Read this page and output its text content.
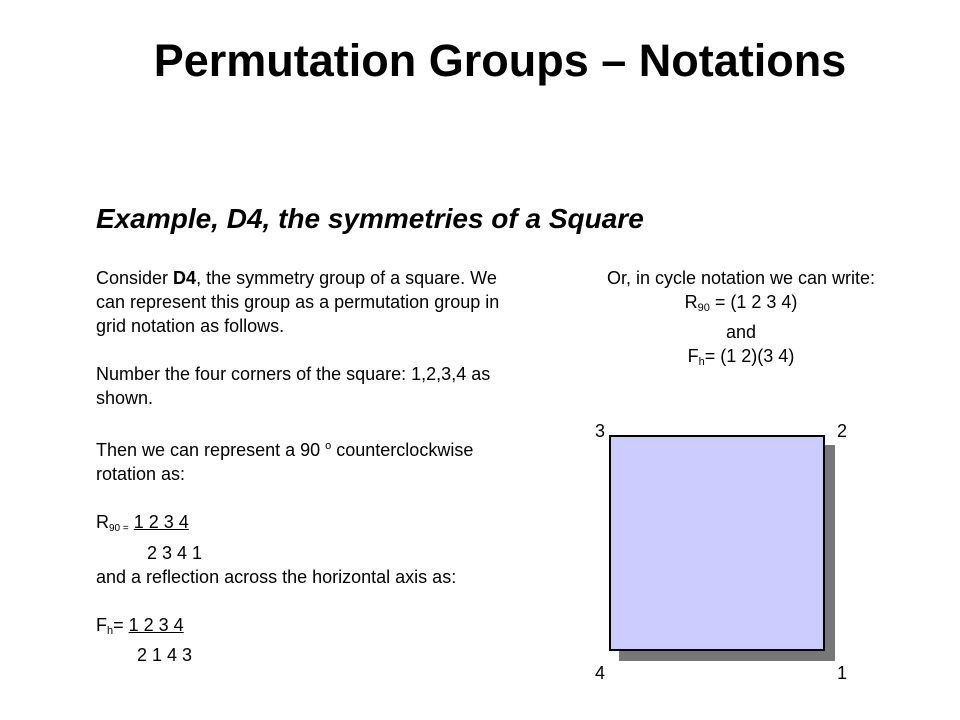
Permutation Groups – Notations
Example, D4, the symmetries of a Square

Consider D4, the symmetry group of a square. We can represent this group as a permutation group in grid notation as follows.

Number the four corners of the square: 1,2,3,4 as shown.

Then we can represent a 90 $^o$ counterclockwise rotation as:

R90 = 1 2 3 4

2 3 4 1

and a reflection across the horizontal axis as:

$F_h= 1$ 2 3 4

2 1 4 3

Or, in cycle notation we can write:

$R_{90} = (1$ 2 3 4)

and

$F_h= (1$ 2)(3 4)

3	2
4	1
